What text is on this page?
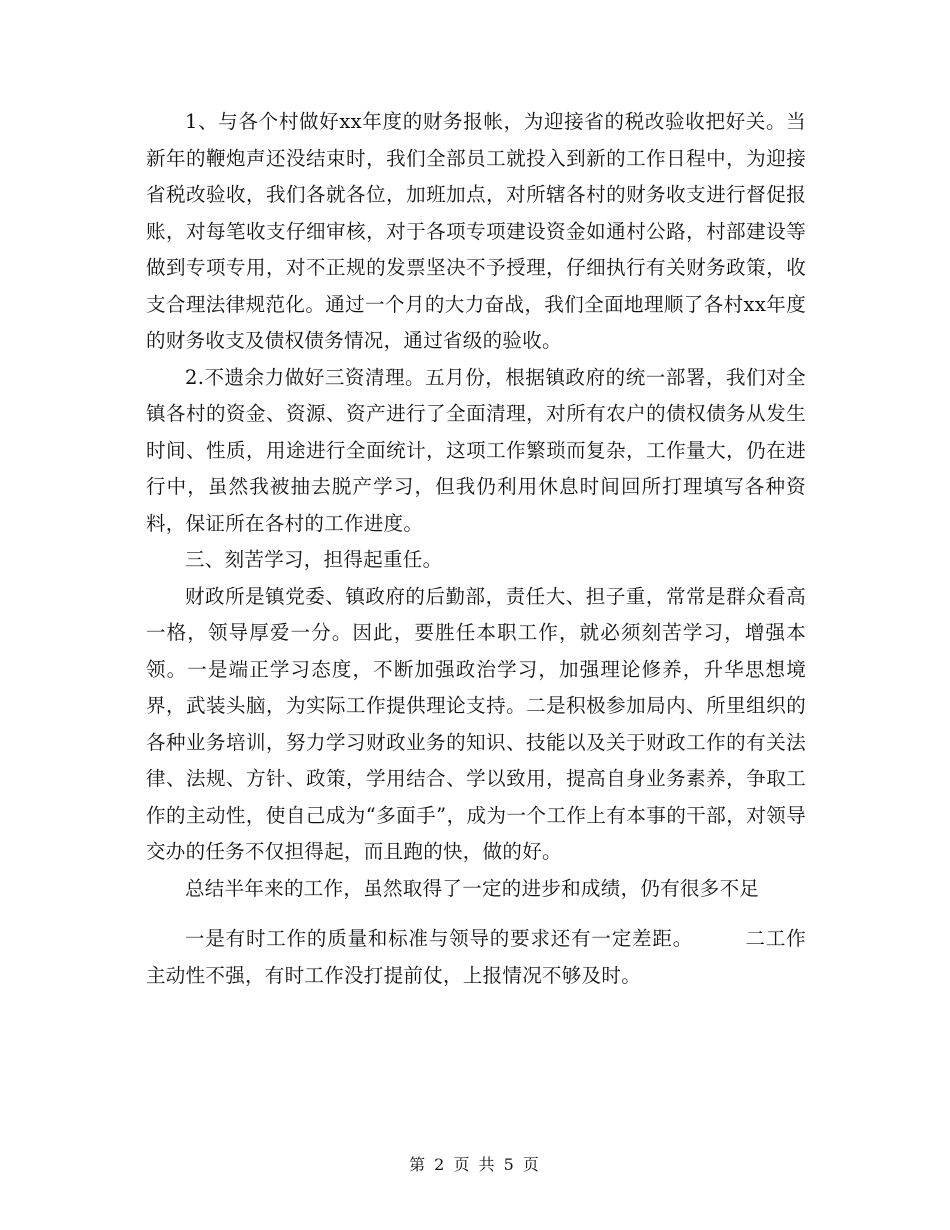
1、与各个村做好xx年度的财务报帐，为迎接省的税改验收把好关。当新年的鞭炮声还没结束时，我们全部员工就投入到新的工作日程中，为迎接省税改验收，我们各就各位，加班加点，对所辖各村的财务收支进行督促报账，对每笔收支仔细审核，对于各项专项建设资金如通村公路，村部建设等做到专项专用，对不正规的发票坚决不予授理，仔细执行有关财务政策，收支合理法律规范化。通过一个月的大力奋战，我们全面地理顺了各村xx年度的财务收支及债权债务情况，通过省级的验收。

2.不遗余力做好三资清理。五月份，根据镇政府的统一部署，我们对全镇各村的资金、资源、资产进行了全面清理，对所有农户的债权债务从发生时间、性质，用途进行全面统计，这项工作繁琐而复杂，工作量大，仍在进行中，虽然我被抽去脱产学习，但我仍利用休息时间回所打理填写各种资料，保证所在各村的工作进度。

三、刻苦学习，担得起重任。

财政所是镇党委、镇政府的后勤部，责任大、担子重，常常是群众看高一格，领导厚爱一分。因此，要胜任本职工作，就必须刻苦学习，增强本领。一是端正学习态度，不断加强政治学习，加强理论修养，升华思想境界，武装头脑，为实际工作提供理论支持。二是积极参加局内、所里组织的各种业务培训，努力学习财政业务的知识、技能以及关于财政工作的有关法律、法规、方针、政策，学用结合、学以致用，提高自身业务素养，争取工作的主动性，使自己成为“多面手”，成为一个工作上有本事的干部，对领导交办的任务不仅担得起，而且跑的快，做的好。

总结半年来的工作，虽然取得了一定的进步和成绩，仍有很多不足

一是有时工作的质量和标准与领导的要求还有一定差距。	二工作主动性不强，有时工作没打提前仗，上报情况不够及时。

第 2 页 共 5 页
